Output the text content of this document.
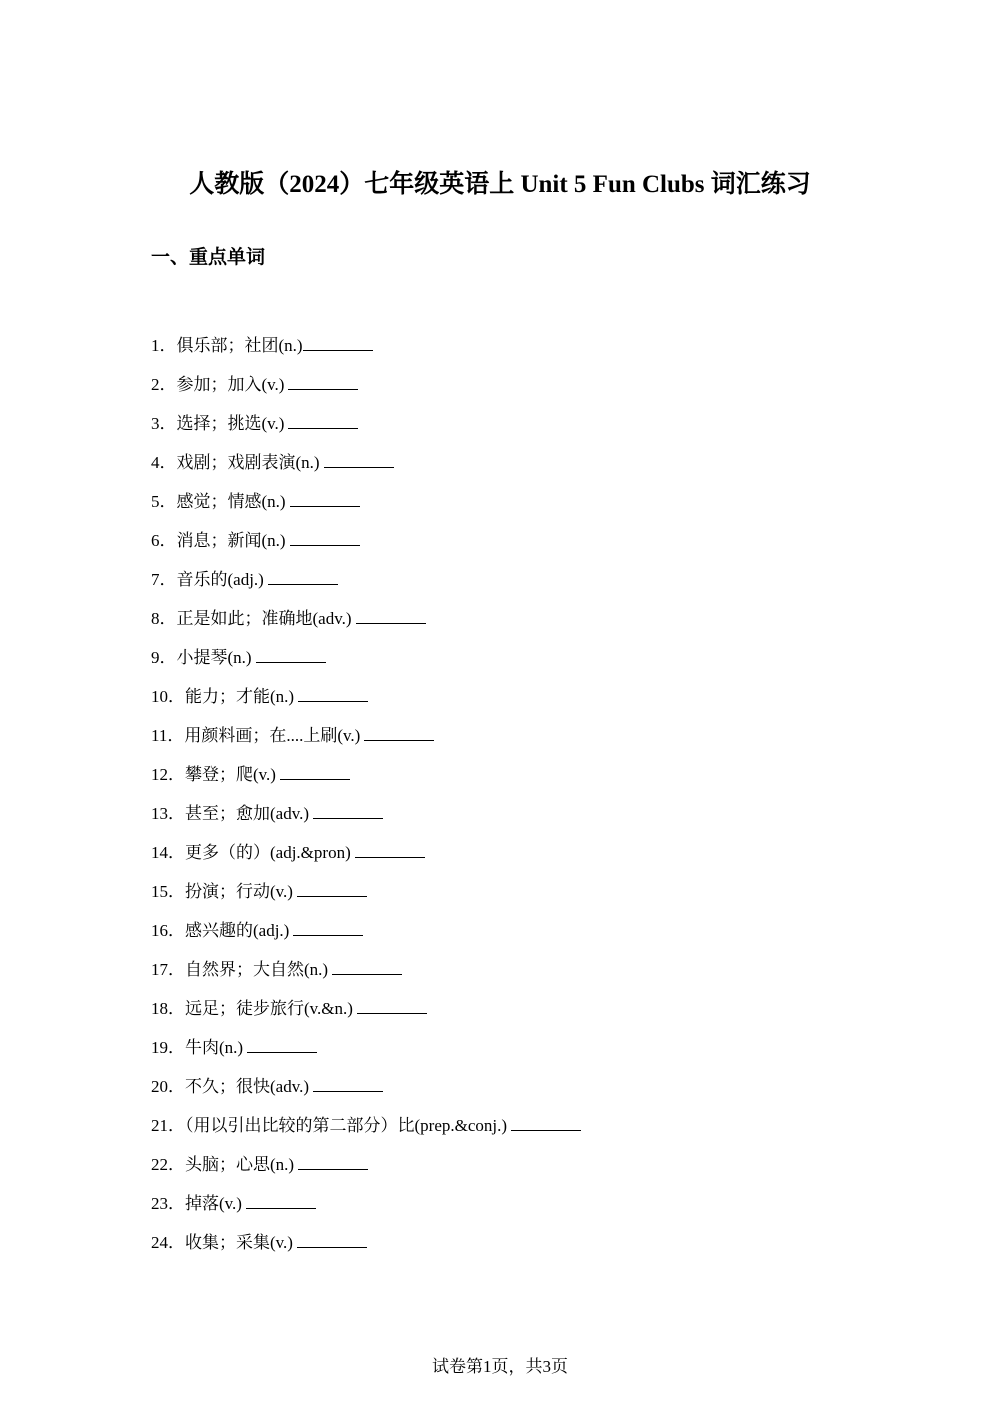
人教版（2024）七年级英语上 Unit 5 Fun Clubs 词汇练习
一、重点单词
1．俱乐部；社团(n.)
2．参加；加入(v.)
3．选择；挑选(v.)
4．戏剧；戏剧表演(n.)
5．感觉；情感(n.)
6．消息；新闻(n.)
7．音乐的(adj.)
8．正是如此；准确地(adv.)
9．小提琴(n.)
10．能力；才能(n.)
11．用颜料画；在....上刷(v.)
12．攀登；爬(v.)
13．甚至；愈加(adv.)
14．更多（的）(adj.&pron)
15．扮演；行动(v.)
16．感兴趣的(adj.)
17．自然界；大自然(n.)
18．远足；徒步旅行(v.&n.)
19．牛肉(n.)
20．不久；很快(adv.)
21．（用以引出比较的第二部分）比(prep.&conj.)
22．头脑；心思(n.)
23．掉落(v.)
24．收集；采集(v.)
试卷第1页，共3页
